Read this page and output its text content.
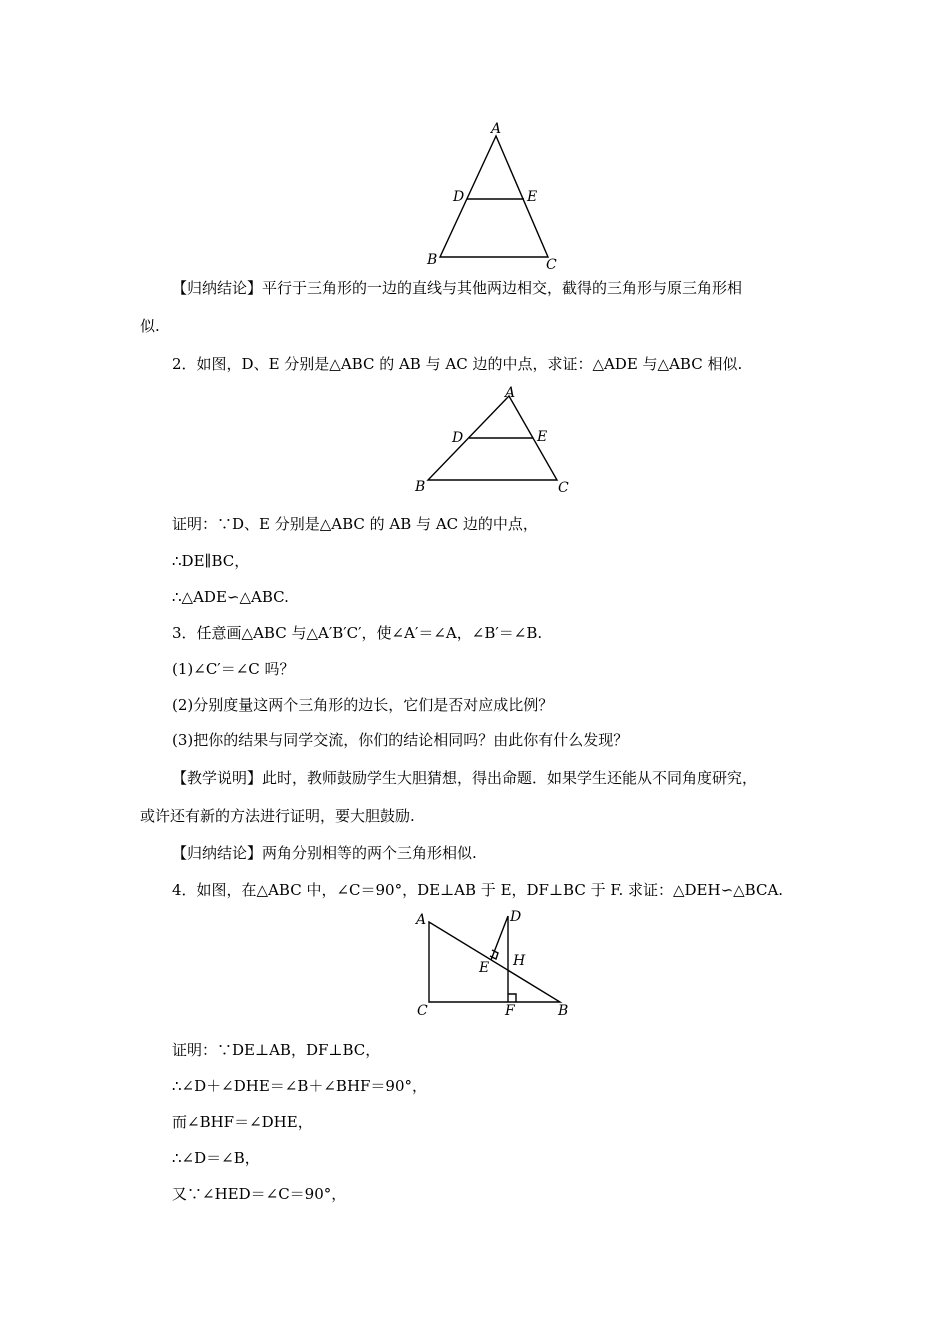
A
D	E
B	C
【归纳结论】平行于三角形的一边的直线与其他两边相交，截得的三角形与原三角形相
似.
2．如图，D、E 分别是△ABC 的 AB 与 AC 边的中点，求证：△ADE 与△ABC 相似.
A
D	E
B	C
证明：∵D、E 分别是△ABC 的 AB 与 AC 边的中点，
∴DE∥BC，
∴△ADE∽△ABC.
3．任意画△ABC 与△A′B′C′，使∠A′＝∠A，∠B′＝∠B.
(1)∠C′＝∠C 吗？
(2)分别度量这两个三角形的边长，它们是否对应成比例？
(3)把你的结果与同学交流，你们的结论相同吗？由此你有什么发现？
【教学说明】此时，教师鼓励学生大胆猜想，得出命题．如果学生还能从不同角度研究，
或许还有新的方法进行证明，要大胆鼓励.
【归纳结论】两角分别相等的两个三角形相似.
4．如图，在△ABC 中，∠C＝90°，DE⊥AB 于 E，DF⊥BC 于 F. 求证：△DEH∽△BCA.
A	D
E H
C	F	B
证明：∵DE⊥AB，DF⊥BC，
∴∠D＋∠DHE＝∠B＋∠BHF＝90°，
而∠BHF＝∠DHE，
∴∠D＝∠B，
又∵∠HED＝∠C＝90°，
